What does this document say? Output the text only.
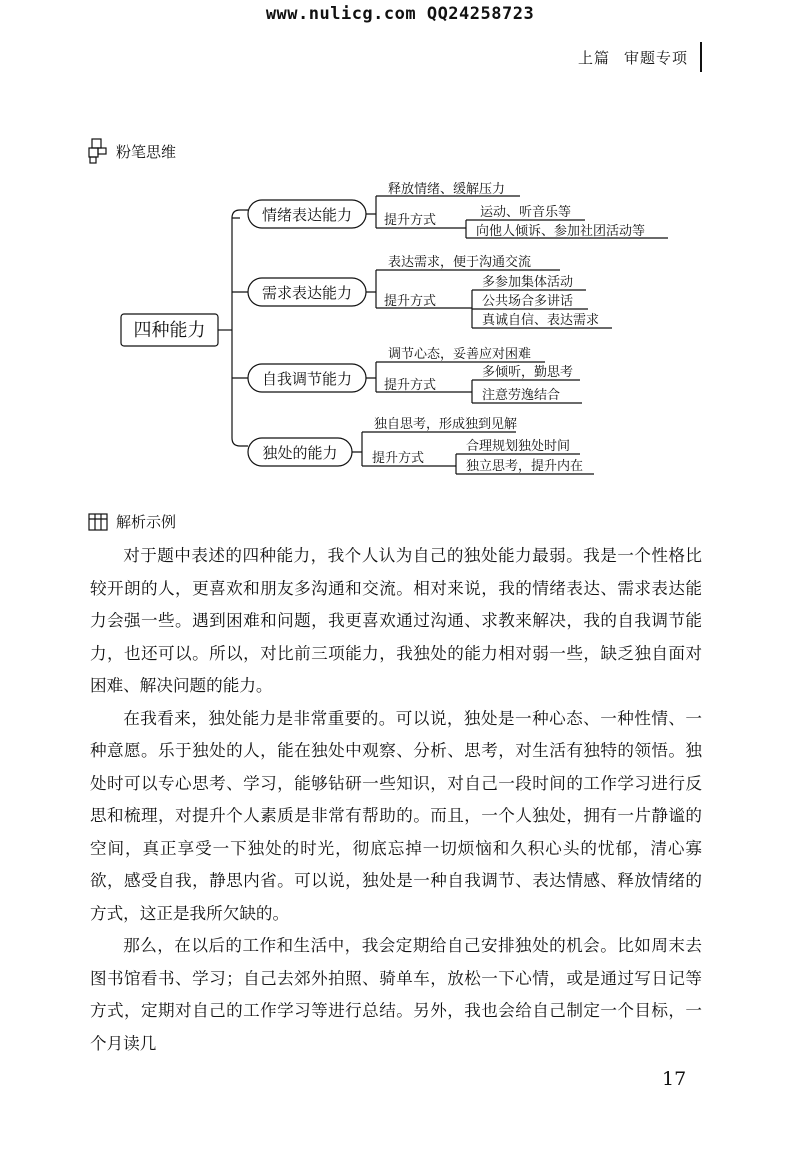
www.nulicg.com QQ24258723
上篇 审题专项
粉笔思维
四种能力
情绪表达能力
释放情绪、缓解压力
提升方式
运动、听音乐等
向他人倾诉、参加社团活动等
需求表达能力
表达需求，便于沟通交流
提升方式
多参加集体活动
公共场合多讲话
真诚自信、表达需求
自我调节能力
调节心态，妥善应对困难
提升方式
多倾听，勤思考
注意劳逸结合
独处的能力
独自思考，形成独到见解
提升方式
合理规划独处时间
独立思考，提升内在
解析示例

对于题中表述的四种能力，我个人认为自己的独处能力最弱。我是一个性格比较开朗的人，更喜欢和朋友多沟通和交流。相对来说，我的情绪表达、需求表达能力会强一些。遇到困难和问题，我更喜欢通过沟通、求教来解决，我的自我调节能力，也还可以。所以，对比前三项能力，我独处的能力相对弱一些，缺乏独自面对困难、解决问题的能力。

在我看来，独处能力是非常重要的。可以说，独处是一种心态、一种性情、一种意愿。乐于独处的人，能在独处中观察、分析、思考，对生活有独特的领悟。独处时可以专心思考、学习，能够钻研一些知识，对自己一段时间的工作学习进行反思和梳理，对提升个人素质是非常有帮助的。而且，一个人独处，拥有一片静谧的空间，真正享受一下独处的时光，彻底忘掉一切烦恼和久积心头的忧郁，清心寡欲，感受自我，静思内省。可以说，独处是一种自我调节、表达情感、释放情绪的方式，这正是我所欠缺的。

那么，在以后的工作和生活中，我会定期给自己安排独处的机会。比如周末去图书馆看书、学习；自己去郊外拍照、骑单车，放松一下心情，或是通过写日记等方式，定期对自己的工作学习等进行总结。另外，我也会给自己制定一个目标，一个月读几

17
